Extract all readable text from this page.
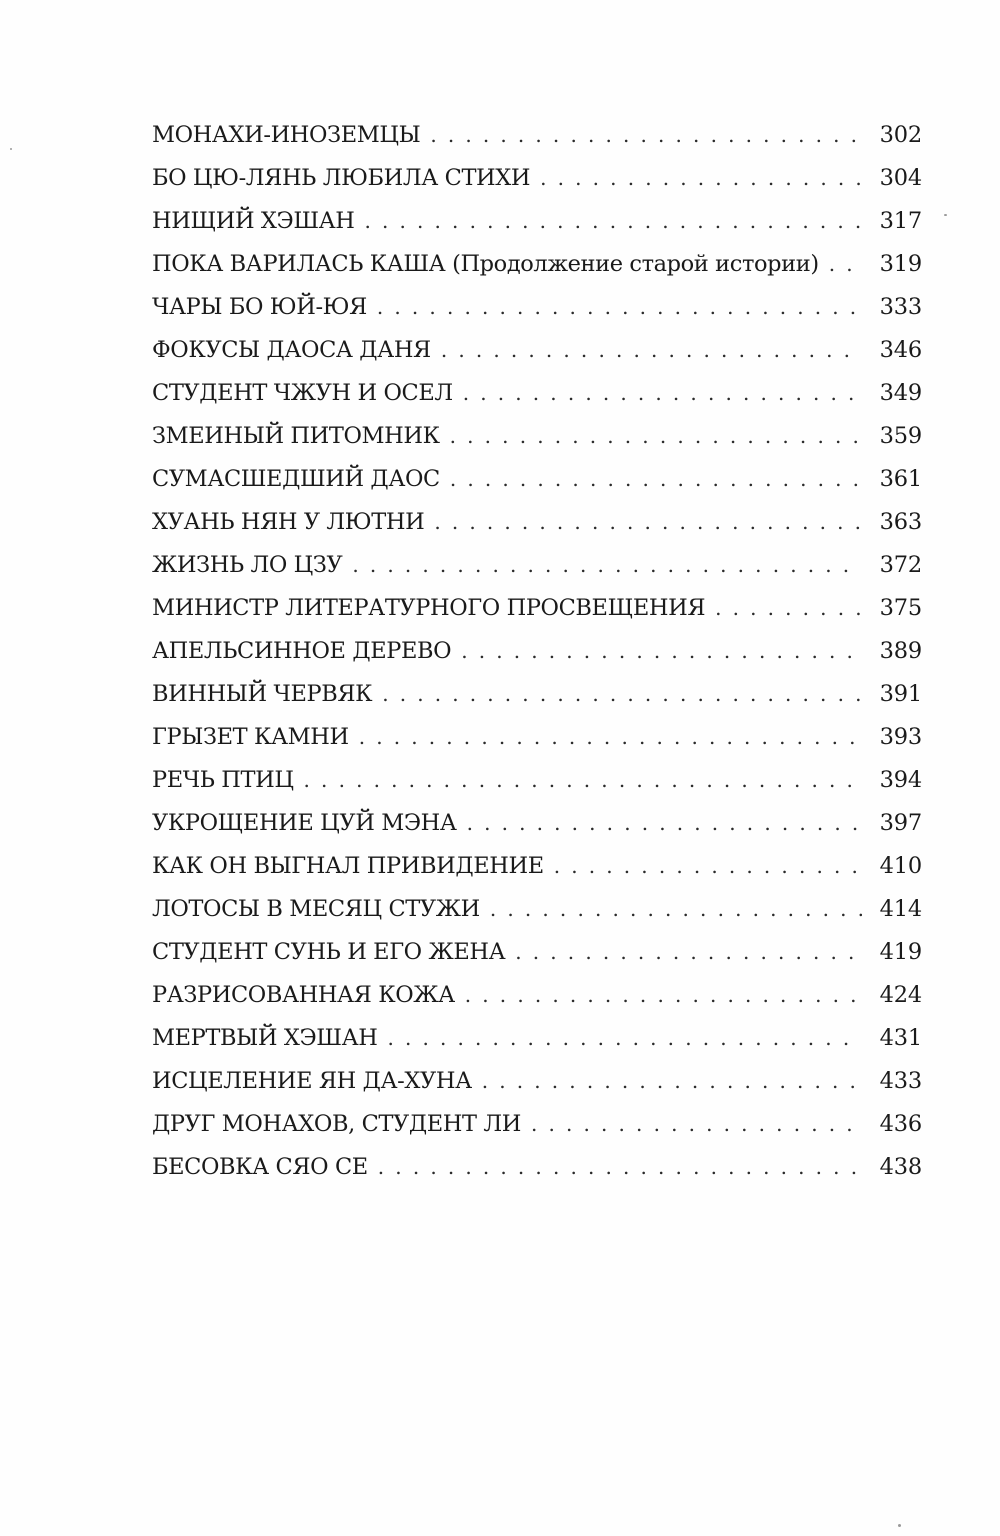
МОНАХИ-ИНОЗЕМЦЫ . . .	302
БО ЦЮ-ЛЯНЬ ЛЮБИЛА СТИХИ . . .	304
НИЩИЙ ХЭШАН . . .	317
ПОКА ВАРИЛАСЬ КАША (Продолжение старой истории) . . .	319
ЧАРЫ БО ЮЙ-ЮЯ . . .	333
ФОКУСЫ ДАОСА ДАНЯ . . .	346
СТУДЕНТ ЧЖУН И ОСЕЛ . . .	349
ЗМЕИНЫЙ ПИТОМНИК . . .	359
СУМАСШЕДШИЙ ДАОС . . .	361
ХУАНЬ НЯН У ЛЮТНИ . . .	363
ЖИЗНЬ ЛО ЦЗУ . . .	372
МИНИСТР ЛИТЕРАТУРНОГО ПРОСВЕЩЕНИЯ . . .	375
АПЕЛЬСИННОЕ ДЕРЕВО . . .	389
ВИННЫЙ ЧЕРВЯК . . .	391
ГРЫЗЕТ КАМНИ . . .	393
РЕЧЬ ПТИЦ . . .	394
УКРОЩЕНИЕ ЦУЙ МЭНА . . .	397
КАК ОН ВЫГНАЛ ПРИВИДЕНИЕ . . .	410
ЛОТОСЫ В МЕСЯЦ СТУЖИ . . .	414
СТУДЕНТ СУНЬ И ЕГО ЖЕНА . . .	419
РАЗРИСОВАННАЯ КОЖА . . .	424
МЕРТВЫЙ ХЭШАН . . .	431
ИСЦЕЛЕНИЕ ЯН ДА-ХУНА . . .	433
ДРУГ МОНАХОВ, СТУДЕНТ ЛИ . . .	436
БЕСОВКА СЯО СЕ . . .	438
